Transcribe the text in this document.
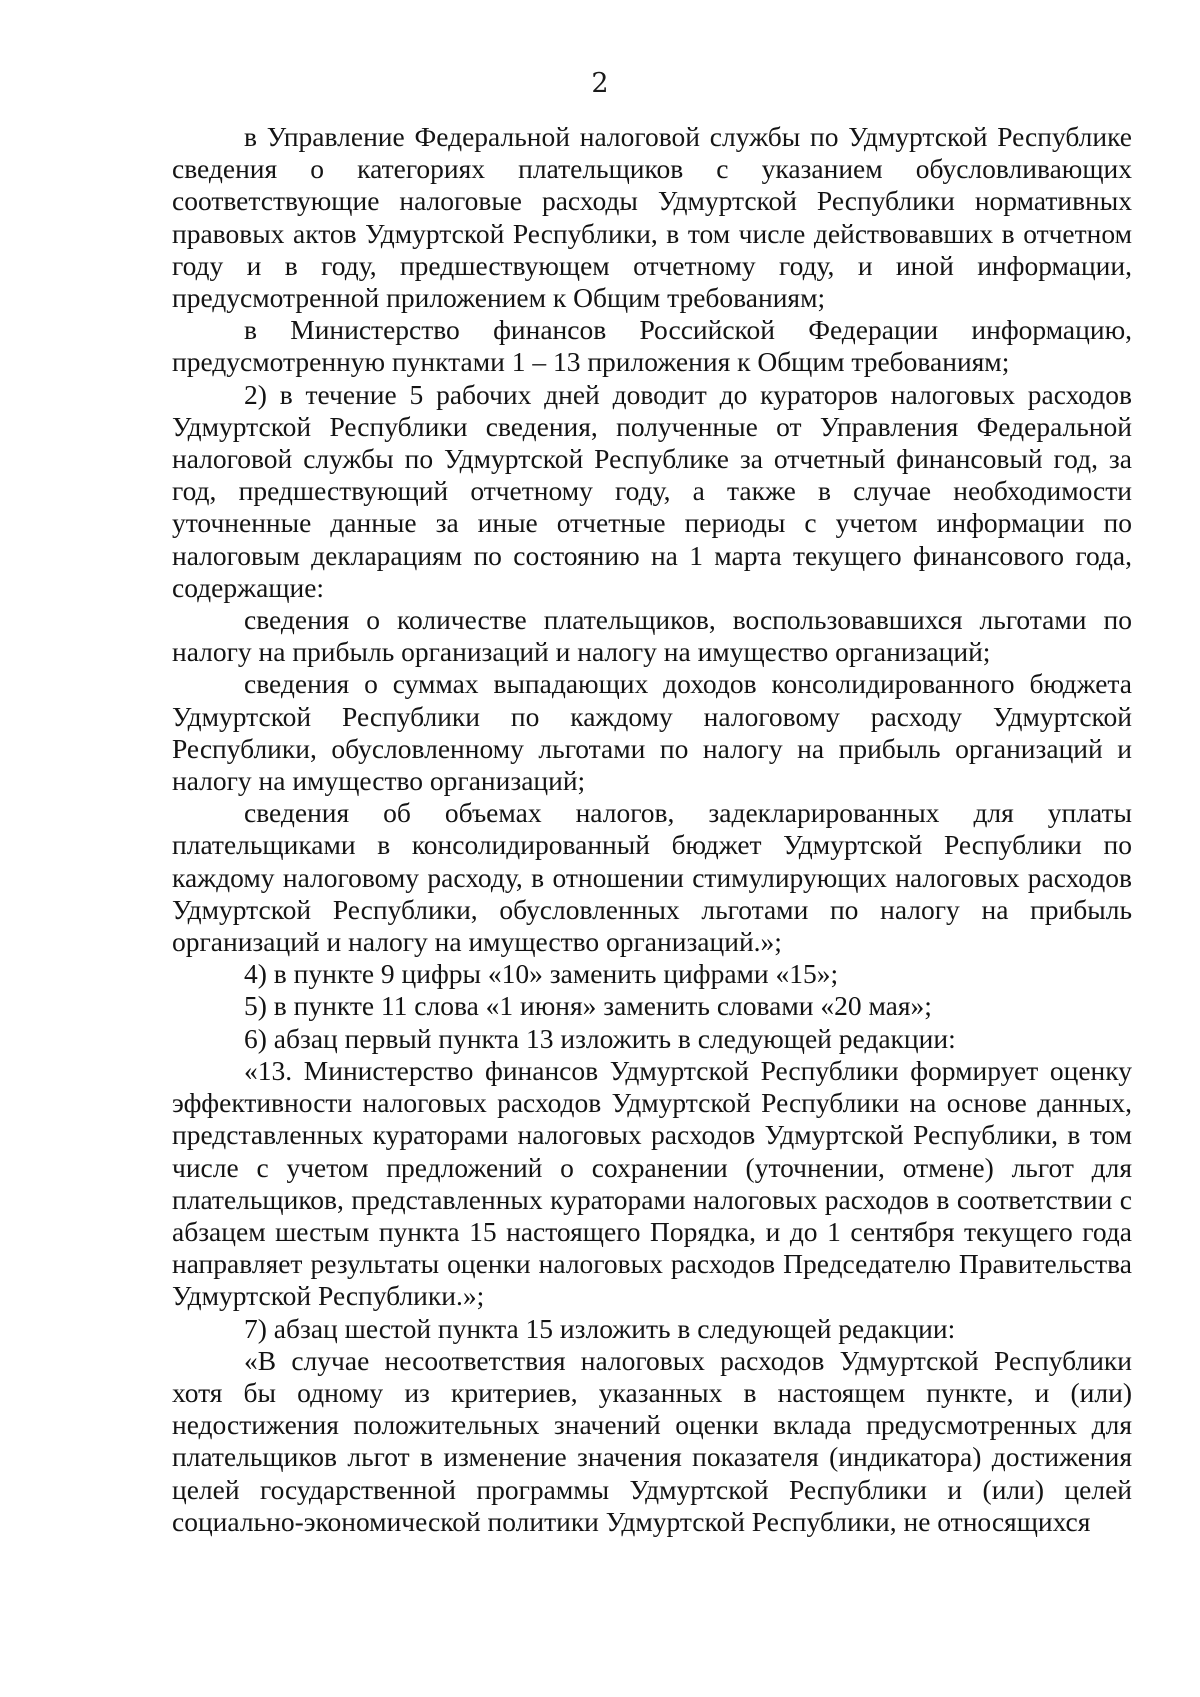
2

в Управление Федеральной налоговой службы по Удмуртской Республике сведения о категориях плательщиков с указанием обусловливающих соответствующие налоговые расходы Удмуртской Республики нормативных правовых актов Удмуртской Республики, в том числе действовавших в отчетном году и в году, предшествующем отчетному году, и иной информации, предусмотренной приложением к Общим требованиям;

в Министерство финансов Российской Федерации информацию, предусмотренную пунктами 1 – 13 приложения к Общим требованиям;

2) в течение 5 рабочих дней доводит до кураторов налоговых расходов Удмуртской Республики сведения, полученные от Управления Федеральной налоговой службы по Удмуртской Республике за отчетный финансовый год, за год, предшествующий отчетному году, а также в случае необходимости уточненные данные за иные отчетные периоды с учетом информации по налоговым декларациям по состоянию на 1 марта текущего финансового года, содержащие:

сведения о количестве плательщиков, воспользовавшихся льготами по налогу на прибыль организаций и налогу на имущество организаций;

сведения о суммах выпадающих доходов консолидированного бюджета Удмуртской Республики по каждому налоговому расходу Удмуртской Республики, обусловленному льготами по налогу на прибыль организаций и налогу на имущество организаций;

сведения об объемах налогов, задекларированных для уплаты плательщиками в консолидированный бюджет Удмуртской Республики по каждому налоговому расходу, в отношении стимулирующих налоговых расходов Удмуртской Республики, обусловленных льготами по налогу на прибыль организаций и налогу на имущество организаций.»;

4) в пункте 9 цифры «10» заменить цифрами «15»;

5) в пункте 11 слова «1 июня» заменить словами «20 мая»;

6) абзац первый пункта 13 изложить в следующей редакции:

«13. Министерство финансов Удмуртской Республики формирует оценку эффективности налоговых расходов Удмуртской Республики на основе данных, представленных кураторами налоговых расходов Удмуртской Республики, в том числе с учетом предложений о сохранении (уточнении, отмене) льгот для плательщиков, представленных кураторами налоговых расходов в соответствии с абзацем шестым пункта 15 настоящего Порядка, и до 1 сентября текущего года направляет результаты оценки налоговых расходов Председателю Правительства Удмуртской Республики.»;

7) абзац шестой пункта 15 изложить в следующей редакции:

«В случае несоответствия налоговых расходов Удмуртской Республики хотя бы одному из критериев, указанных в настоящем пункте, и (или) недостижения положительных значений оценки вклада предусмотренных для плательщиков льгот в изменение значения показателя (индикатора) достижения целей государственной программы Удмуртской Республики и (или) целей социально-экономической политики Удмуртской Республики, не относящихся
